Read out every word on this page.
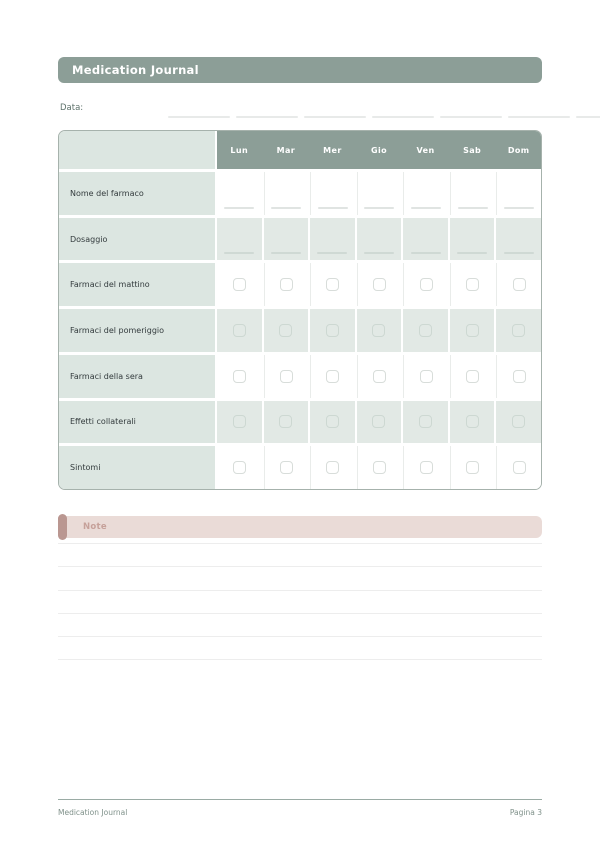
Medication Journal
Data:
Lun	Mar	Mer	Gio	Ven	Sab	Dom
Nome del farmaco
Dosaggio
Farmaci del mattino
Farmaci del pomeriggio
Farmaci della sera
Effetti collaterali
Sintomi
Note
Medication Journal	Pagina 3
